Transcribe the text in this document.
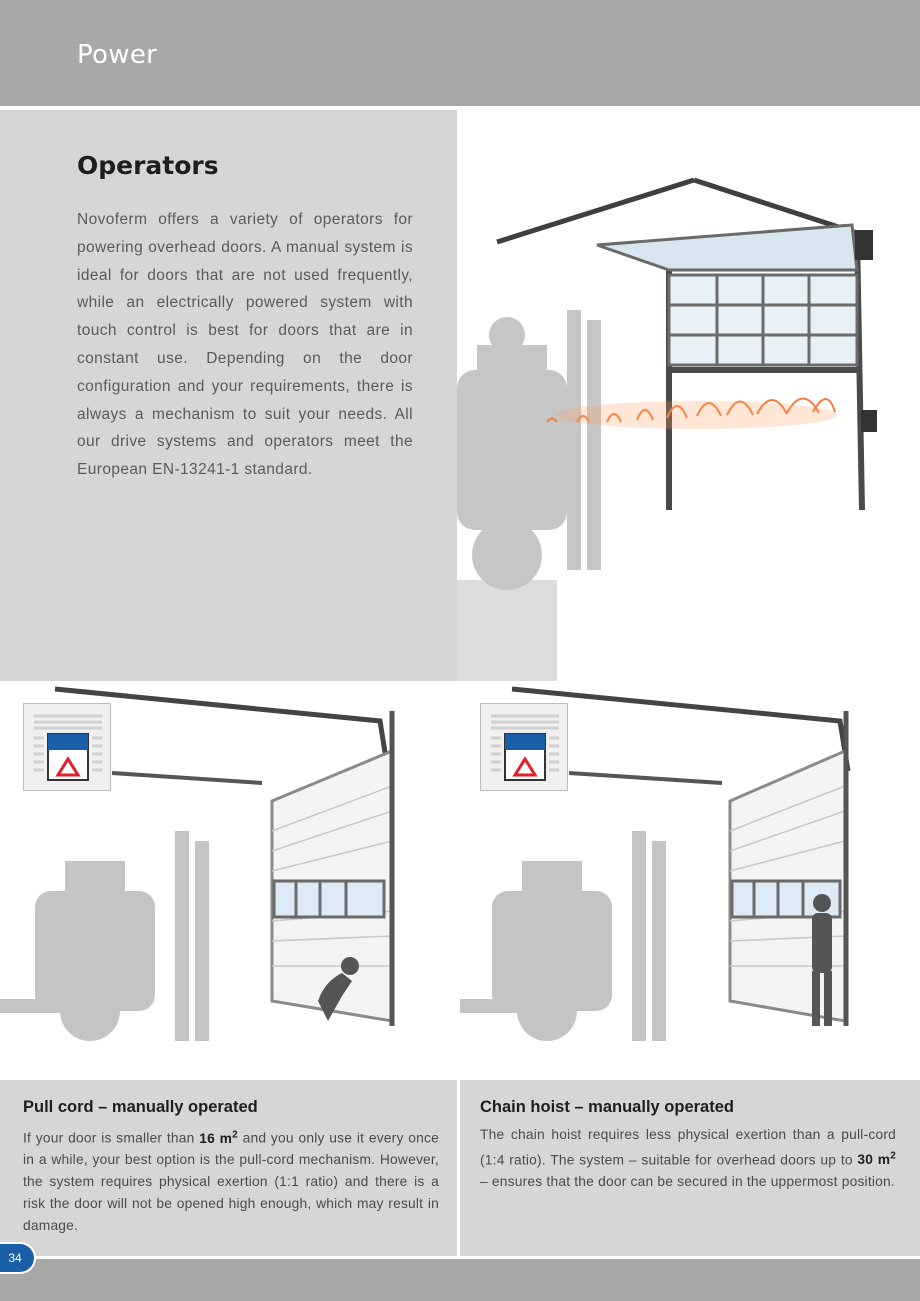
Power
Operators

Novoferm offers a variety of operators for powering overhead doors. A manual system is ideal for doors that are not used frequently, while an electrically powered system with touch control is best for doors that are in constant use. Depending on the door configuration and your requirements, there is always a mechanism to suit your needs. All our drive systems and operators meet the European EN-13241-1 standard.

Pull cord – manually operated

If your door is smaller than 16 $m^2$ and you only use it every once in a while, your best option is the pull-cord mechanism. However, the system requires physical exertion (1:1 ratio) and there is a risk the door will not be opened high enough, which may result in damage.

Chain hoist – manually operated

The chain hoist requires less physical exertion than a pull-cord (1:4 ratio). The system – suitable for overhead doors up to 30 $m^2$ – ensures that the door can be secured in the uppermost position.

34
